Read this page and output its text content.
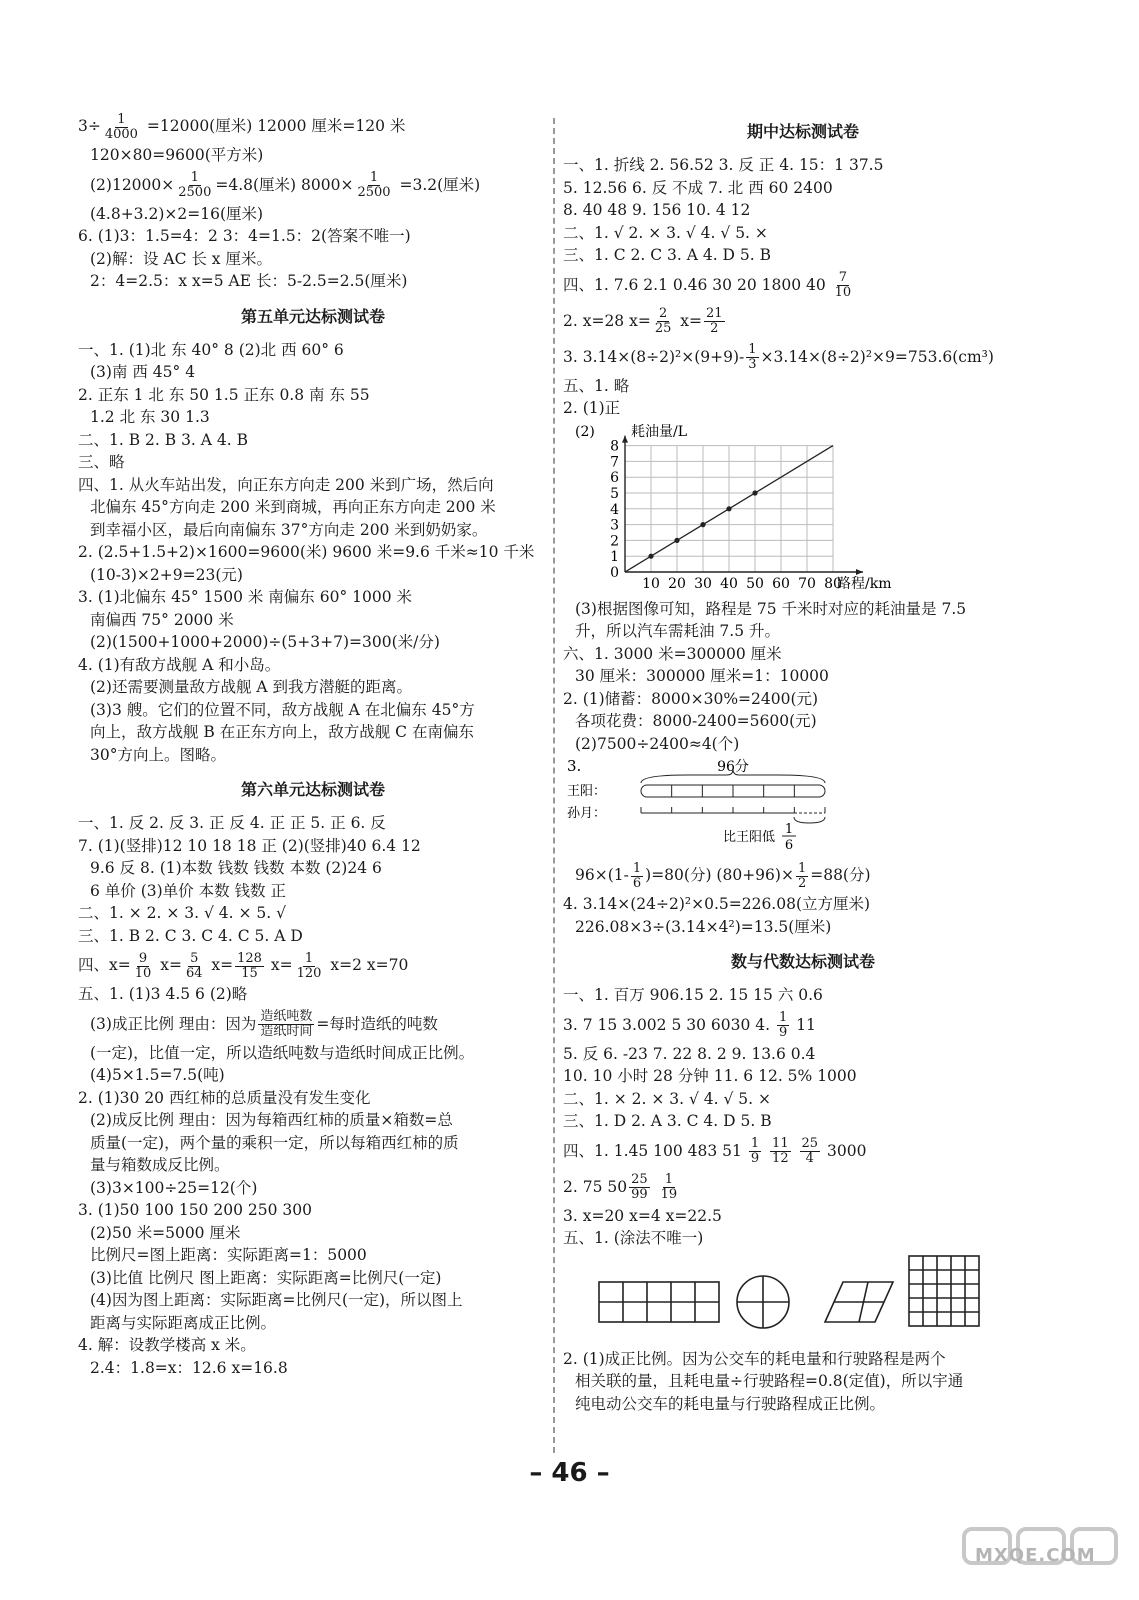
$3\div \frac{1}{4000} =12000$(厘米) 12000 厘米=120 米
120×80=9600(平方米)
$(2)12000\times \frac{1}{2500} =4.8$(厘米) $8000\times \frac{1}{2500} =3.2$(厘米)
(4.8+3.2)×2=16(厘米)
6. (1)3：1.5=4：2 3：4=1.5：2(答案不唯一)
(2)解：设 AC 长 x 厘米。
2：4=2.5：x x=5 AE 长：5-2.5=2.5(厘米)
第五单元达标测试卷
一、1. (1)北 东 40° 8 (2)北 西 60° 6
(3)南 西 45° 4
2. 正东 1 北 东 50 1.5 正东 0.8 南 东 55
1.2 北 东 30 1.3
二、1. B 2. B 3. A 4. B
三、略
四、1. 从火车站出发，向正东方向走 200 米到广场，然后向
北偏东 45°方向走 200 米到商城，再向正东方向走 200 米
到幸福小区，最后向南偏东 37°方向走 200 米到奶奶家。
2. (2.5+1.5+2)×1600=9600(米) 9600 米=9.6 千米≈10 千米
(10-3)×2+9=23(元)
3. (1)北偏东 45° 1500 米 南偏东 60° 1000 米
南偏西 75° 2000 米
(2)(1500+1000+2000)÷(5+3+7)=300(米/分)
4. (1)有敌方战舰 A 和小岛。
(2)还需要测量敌方战舰 A 到我方潜艇的距离。
(3)3 艘。它们的位置不同，敌方战舰 A 在北偏东 45°方
向上，敌方战舰 B 在正东方向上，敌方战舰 C 在南偏东
30°方向上。图略。
第六单元达标测试卷
一、1. 反 2. 反 3. 正 反 4. 正 正 5. 正 6. 反
7. (1)(竖排)12 10 18 18 正 (2)(竖排)40 6.4 12
9.6 反 8. (1)本数 钱数 钱数 本数 (2)24 6
6 单价 (3)单价 本数 钱数 正
二、1. × 2. × 3. √ 4. × 5. √
三、1. B 2. C 3. C 4. C 5. A D
四、$x= \frac{9}{10} x= \frac{5}{64} x= \frac{128}{15} x= \frac{1}{120} x=2$ x=70
五、1. (1)3 4.5 6 (2)略
(3)成正比例 理由：因为 $\frac{\text{造纸吨数}}{\text{造纸时间}}$ =每时造纸的吨数
(一定)，比值一定，所以造纸吨数与造纸时间成正比例。
(4)5×1.5=7.5(吨)
2. (1)30 20 西红柿的总质量没有发生变化
(2)成反比例 理由：因为每箱西红柿的质量×箱数=总
质量(一定)，两个量的乘积一定，所以每箱西红柿的质
量与箱数成反比例。
(3)3×100÷25=12(个)
3. (1)50 100 150 200 250 300
(2)50 米=5000 厘米
比例尺=图上距离：实际距离=1：5000
(3)比值 比例尺 图上距离：实际距离=比例尺(一定)
(4)因为图上距离：实际距离=比例尺(一定)，所以图上
距离与实际距离成正比例。
4. 解：设教学楼高 x 米。
2.4：1.8=x：12.6 x=16.8
期中达标测试卷
一、1. 折线 2. 56.52 3. 反 正 4. 15：1 37.5
5. 12.56 6. 反 不成 7. 北 西 60 2400
8. 40 48 9. 156 10. 4 12
二、1. √ 2. × 3. √ 4. √ 5. ×
三、1. C 2. C 3. A 4. D 5. B
四、1. 7.6 2.1 0.46 30 20 1800 $40 \frac{7}{10}$
2. x=28 $x= \frac{2}{25} x= \frac{21}{2}$
3. $3.14\times(8\div 2)^2\times(9+9)- \frac{1}{3} \times 3.14\times(8\div 2)^2\times 9=753.6(cm^3)$
五、1. 略
2. (1)正
10 20 30 40 50 60 70 80
1
2
3
4
5
6
7
8
0
路程/km
耗油量/L
(2)
(3)根据图像可知，路程是 75 千米时对应的耗油量是 7.5
升，所以汽车需耗油 7.5 升。
六、1. 3000 米=300000 厘米
30 厘米：300000 厘米=1：10000
2. (1)储蓄：8000×30%=2400(元)
各项花费：8000-2400=5600(元)
(2)7500÷2400≈4(个)
3.	96分
王阳：
孙月：
比王阳低
1
6
$96\times(1- \frac{1}{6} )=80$(分) $(80+96)\times \frac{1}{2} =88$(分)
4. 3.14×(24÷2)²×0.5=226.08(立方厘米)
226.08×3÷(3.14×4²)=13.5(厘米)
数与代数达标测试卷
一、1. 百万 906.15 2. 15 15 六 0.6
3. 7 15 3.002 5 30 6030 4. $\frac{1}{9} 11$
5. 反 6. -23 7. 22 8. 2 9. 13.6 0.4
10. 10 小时 28 分钟 11. 6 12. 5% 1000
二、1. × 2. × 3. √ 4. √ 5. ×
三、1. D 2. A 3. C 4. D 5. B
四、1. 1.45 100 483 $51 \frac{1}{9}$
$\frac{11}{12}$
$\frac{25}{4} 3000$
2. 75 $50 \frac{25}{99}$
$\frac{1}{19}$
3. x=20 x=4 x=22.5
五、1. (涂法不唯一)
2. (1)成正比例。因为公交车的耗电量和行驶路程是两个
相关联的量，且耗电量÷行驶路程=0.8(定值)，所以宇通
纯电动公交车的耗电量与行驶路程成正比例。
– 46 –
MXQE.COM
